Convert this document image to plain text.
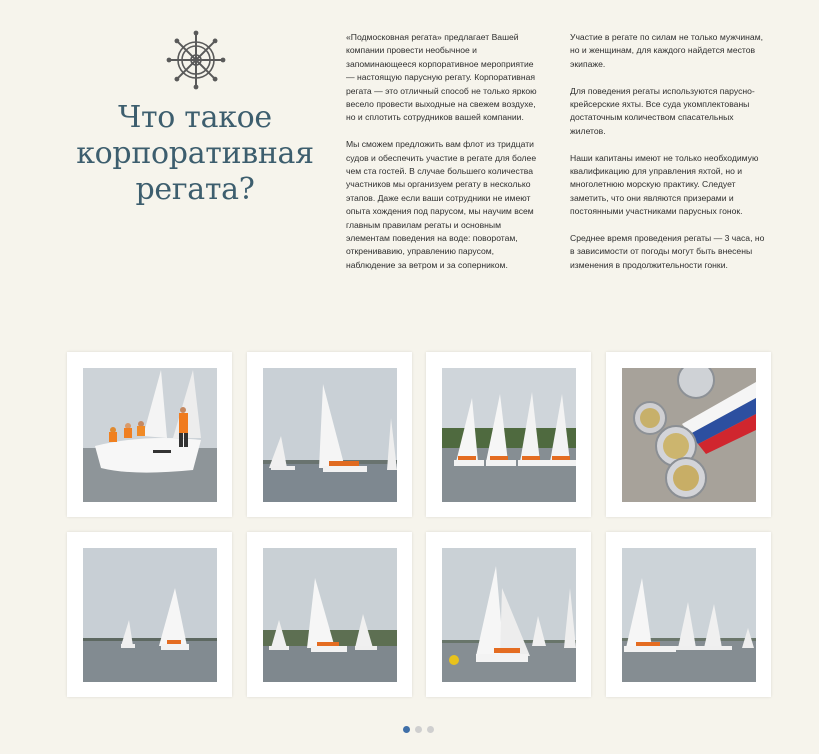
Что такое корпоративная регата?

«Подмосковная регата» предлагает Вашей компании провести необычное и запоминающееся корпоративное мероприятие — настоящую парусную регату. Корпоративная регата — это отличный способ не только яркою весело провести выходные на свежем воздухе, но и сплотить сотрудников вашей компании.

Мы сможем предложить вам флот из тридцати судов и обеспечить участие в регате для более чем ста гостей. В случае большего количества участников мы организуем регату в несколько этапов. Даже если ваши сотрудники не имеют опыта хождения под парусом, мы научим всем главным правилам регаты и основным элементам поведения на воде: поворотам, откренивавию, управлению парусом, наблюдение за ветром и за соперником.

Участие в регате по силам не только мужчинам, но и женщинам, для каждого найдется местов экипаже.

Для поведения регаты используются парусно-крейсерские яхты. Все суда укомплектованы достаточным количеством спасательных жилетов.

Наши капитаны имеют не только необходимую квалификацию для управления яхтой, но и многолетнюю морскую практику. Следует заметить, что они являются призерами и постоянными участниками парусных гонок.

Среднее время проведения регаты — 3 часа, но в зависимости от погоды могут быть внесены изменения в продолжительности гонки.
